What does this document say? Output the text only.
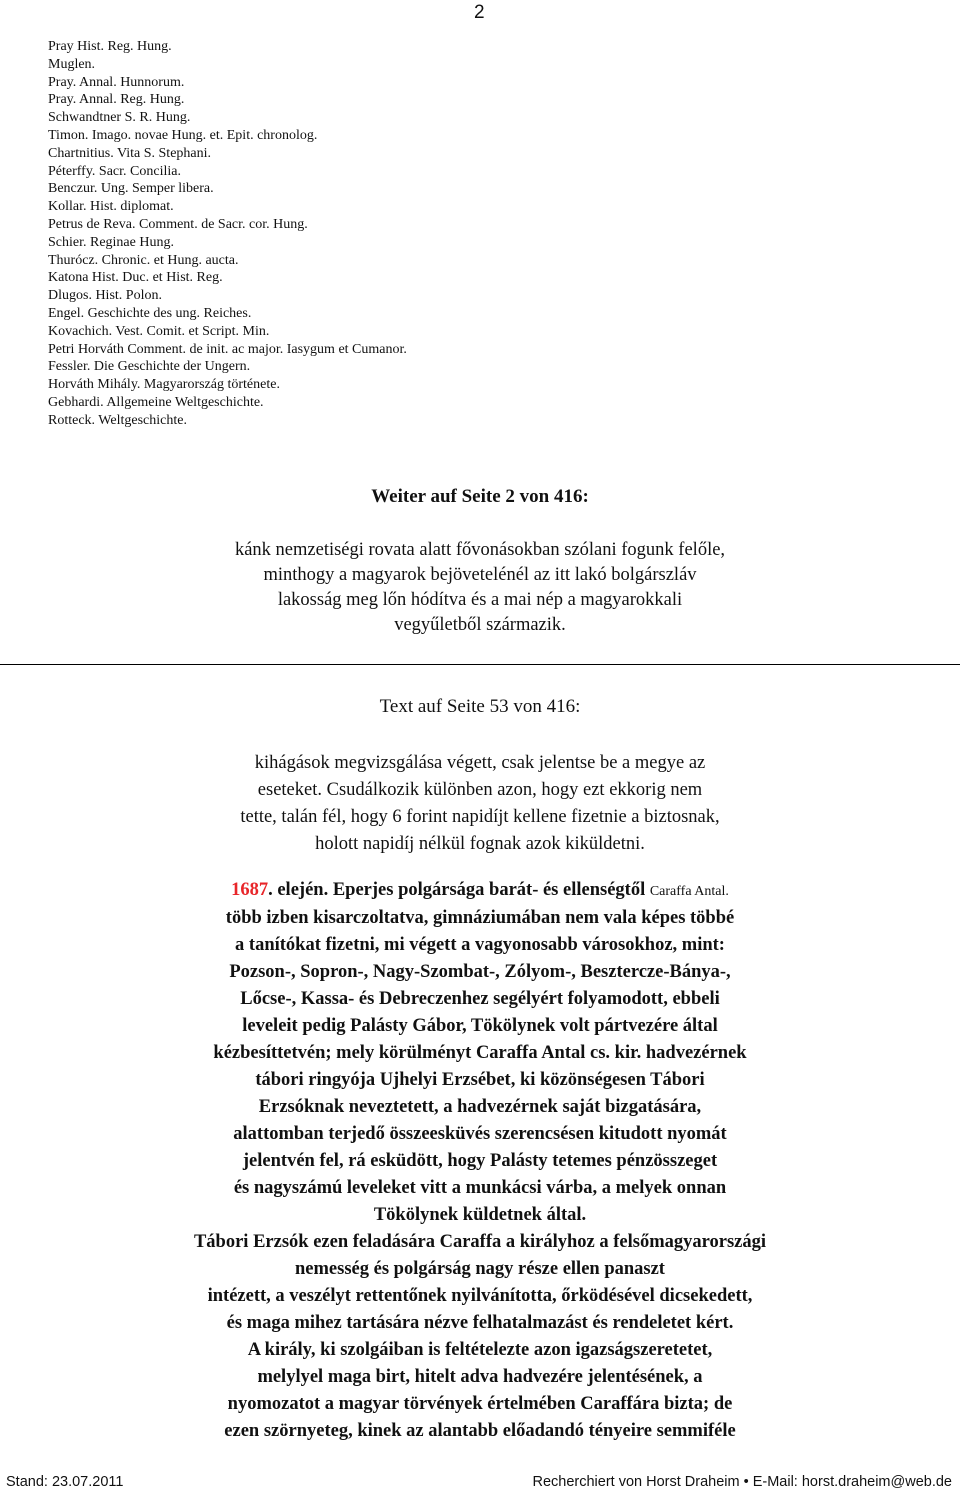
2
Pray Hist. Reg. Hung.
Muglen.
Pray. Annal. Hunnorum.
Pray. Annal. Reg. Hung.
Schwandtner S. R. Hung.
Timon. Imago. novae Hung. et. Epit. chronolog.
Chartnitius. Vita S. Stephani.
Péterffy. Sacr. Concilia.
Benczur. Ung. Semper libera.
Kollar. Hist. diplomat.
Petrus de Reva. Comment. de Sacr. cor. Hung.
Schier. Reginae Hung.
Thurócz. Chronic. et Hung. aucta.
Katona Hist. Duc. et Hist. Reg.
Dlugos. Hist. Polon.
Engel. Geschichte des ung. Reiches.
Kovachich. Vest. Comit. et Script. Min.
Petri Horváth Comment. de init. ac major. Iasygum et Cumanor.
Fessler. Die Geschichte der Ungern.
Horváth Mihály. Magyarország története.
Gebhardi. Allgemeine Weltgeschichte.
Rotteck. Weltgeschichte.
Weiter auf Seite 2 von 416:

kánk nemzetiségi rovata alatt fővonásokban szólani fogunk felőle,

minthogy a magyarok bejövetelénél az itt lakó bolgárszláv

lakosság meg lőn hódítva és a mai nép a magyarokkali

vegyűletből származik.

Text auf Seite 53 von 416:

kihágások megvizsgálása végett, csak jelentse be a megye az

eseteket. Csudálkozik különben azon, hogy ezt ekkorig nem

tette, talán fél, hogy 6 forint napidíjt kellene fizetnie a biztosnak,

holott napidíj nélkül fognak azok kiküldetni.

1687. elején. Eperjes polgársága barát- és ellenségtől Caraffa Antal.

több izben kisarczoltatva, gimnáziumában nem vala képes többé

a tanítókat fizetni, mi végett a vagyonosabb városokhoz, mint:

Pozson-, Sopron-, Nagy-Szombat-, Zólyom-, Besztercze-Bánya-,

Lőcse-, Kassa- és Debreczenhez segélyért folyamodott, ebbeli

leveleit pedig Palásty Gábor, Tökölynek volt pártvezére által

kézbesíttetvén; mely körülményt Caraffa Antal cs. kir. hadvezérnek

tábori ringyója Ujhelyi Erzsébet, ki közönségesen Tábori

Erzsóknak neveztetett, a hadvezérnek saját bizgatására,

alattomban terjedő összeesküvés szerencsésen kitudott nyomát

jelentvén fel, rá esküdött, hogy Palásty tetemes pénzösszeget

és nagyszámú leveleket vitt a munkácsi várba, a melyek onnan

Tökölynek küldetnek által.

Tábori Erzsók ezen feladására Caraffa a királyhoz a felsőmagyarországi

nemesség és polgárság nagy része ellen panaszt

intézett, a veszélyt rettentőnek nyilvánította, őrködésével dicsekedett,

és maga mihez tartására nézve felhatalmazást és rendeletet kért.

A király, ki szolgáiban is feltételezte azon igazságszeretetet,

melylyel maga birt, hitelt adva hadvezére jelentésének, a

nyomozatot a magyar törvények értelmében Caraffára bizta; de

ezen szörnyeteg, kinek az alantabb előadandó tényeire semmiféle

Stand: 23.07.2011	Recherchiert von Horst Draheim • E-Mail: horst.draheim@web.de
